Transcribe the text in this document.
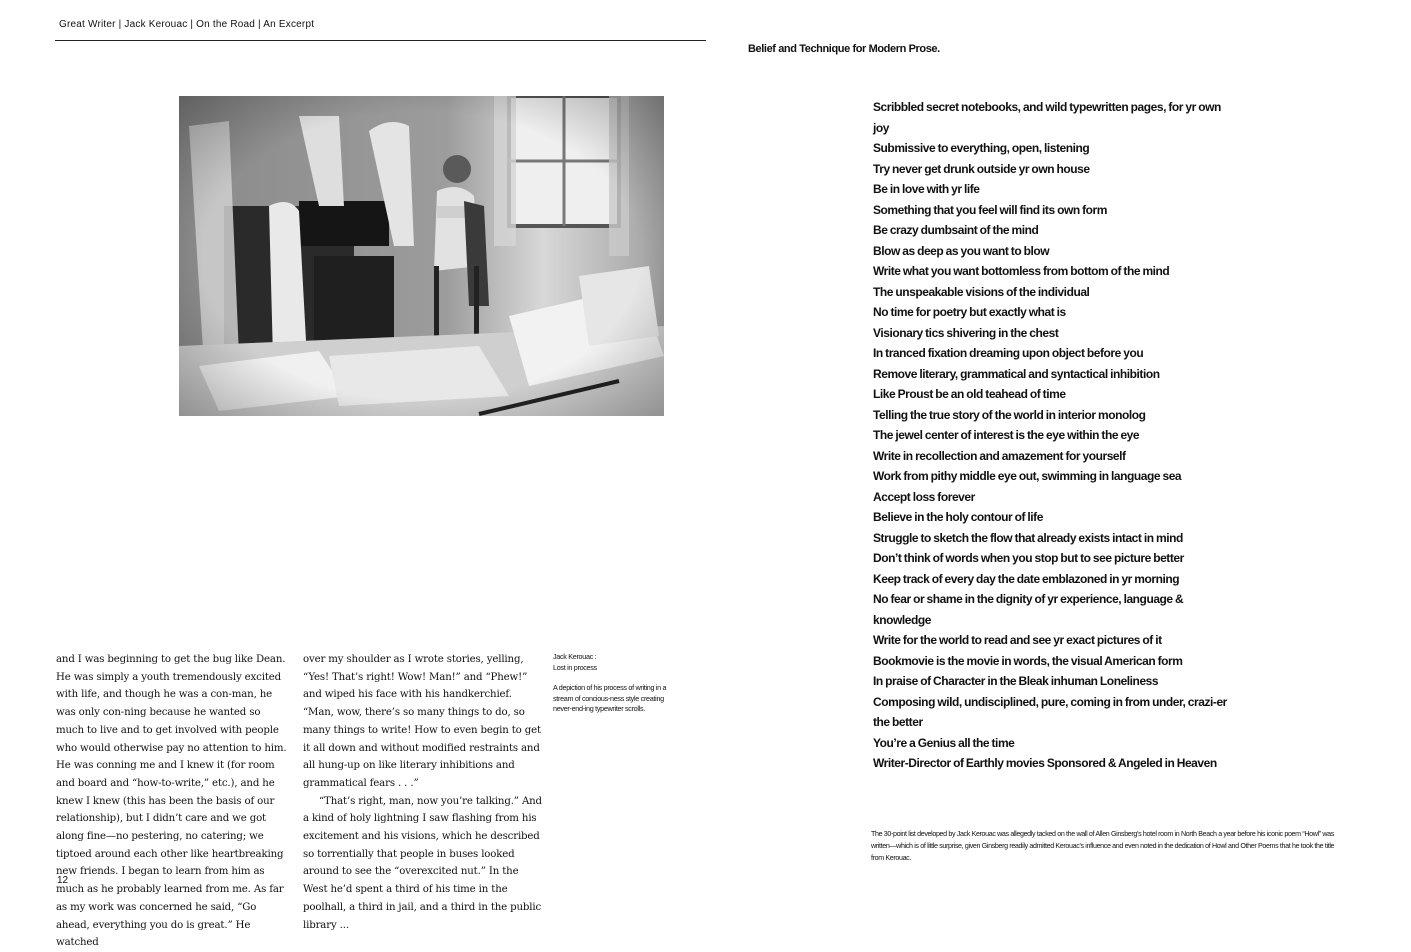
Great Writer | Jack Kerouac | On the Road | An Excerpt

and I was beginning to get the bug like Dean. He was simply a youth tremendously excited with life, and though he was a con-man, he was only con-ning because he wanted so much to live and to get involved with people who would otherwise pay no attention to him. He was conning me and I knew it (for room and board and “how-to-write,” etc.), and he knew I knew (this has been the basis of our relationship), but I didn’t care and we got along fine—no pestering, no catering; we tiptoed around each other like heartbreaking new friends. I began to learn from him as much as he probably learned from me. As far as my work was concerned he said, “Go ahead, everything you do is great.” He watched

over my shoulder as I wrote stories, yelling, “Yes! That’s right! Wow! Man!” and “Phew!” and wiped his face with his handkerchief. “Man, wow, there’s so many things to do, so many things to write! How to even begin to get it all down and without modified restraints and all hung-up on like literary inhibitions and grammatical fears . . .”

“That’s right, man, now you’re talking.” And a kind of holy lightning I saw flashing from his excitement and his visions, which he described so torrentially that people in buses looked around to see the “overexcited nut.” In the West he’d spent a third of his time in the poolhall, a third in jail, and a third in the public library ...

Jack Kerouac :
Lost in process

A depiction of his process of writing in a stream of concious-ness style creating never-end-ing typewriter scrolls.

12
Belief and Technique for Modern Prose.
Scribbled secret notebooks, and wild typewritten pages, for yr own joy
Submissive to everything, open, listening
Try never get drunk outside yr own house
Be in love with yr life
Something that you feel will find its own form
Be crazy dumbsaint of the mind
Blow as deep as you want to blow
Write what you want bottomless from bottom of the mind
The unspeakable visions of the individual
No time for poetry but exactly what is
Visionary tics shivering in the chest
In tranced fixation dreaming upon object before you
Remove literary, grammatical and syntactical inhibition
Like Proust be an old teahead of time
Telling the true story of the world in interior monolog
The jewel center of interest is the eye within the eye
Write in recollection and amazement for yourself
Work from pithy middle eye out, swimming in language sea
Accept loss forever
Believe in the holy contour of life
Struggle to sketch the flow that already exists intact in mind
Don’t think of words when you stop but to see picture better
Keep track of every day the date emblazoned in yr morning
No fear or shame in the dignity of yr experience, language & knowledge
Write for the world to read and see yr exact pictures of it
Bookmovie is the movie in words, the visual American form
In praise of Character in the Bleak inhuman Loneliness
Composing wild, undisciplined, pure, coming in from under, crazi-er the better
You’re a Genius all the time
Writer-Director of Earthly movies Sponsored & Angeled in Heaven
The 30-point list developed by Jack Kerouac was allegedly tacked on the wall of Allen Ginsberg’s hotel room in North Beach a year before his iconic poem “Howl” was written—which is of little surprise, given Ginsberg readily admitted Kerouac’s influence and even noted in the dedication of Howl and Other Poems that he took the title from Kerouac.
